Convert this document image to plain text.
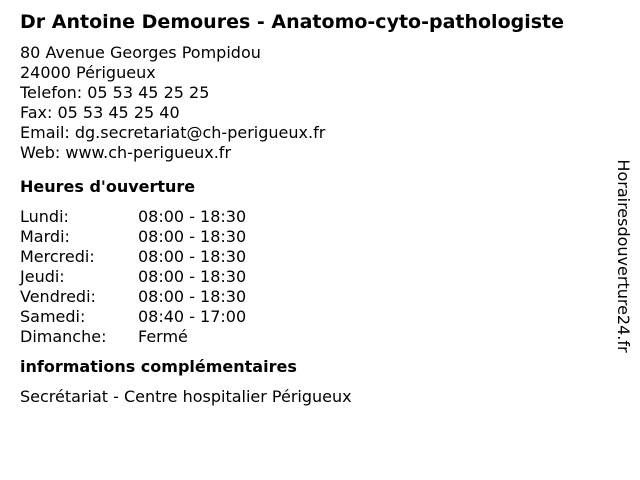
Dr Antoine Demoures - Anatomo-cyto-pathologiste
80 Avenue Georges Pompidou
24000 Périgueux
Telefon: 05 53 45 25 25
Fax: 05 53 45 25 40
Email: dg.secretariat@ch-perigueux.fr
Web: www.ch-perigueux.fr
Heures d'ouverture
Lundi:	08:00 - 18:30
Mardi:	08:00 - 18:30
Mercredi:	08:00 - 18:30
Jeudi:	08:00 - 18:30
Vendredi:	08:00 - 18:30
Samedi:	08:40 - 17:00
Dimanche:	Fermé
informations complémentaires
Secrétariat - Centre hospitalier Périgueux
Horairesdouverture24.fr
